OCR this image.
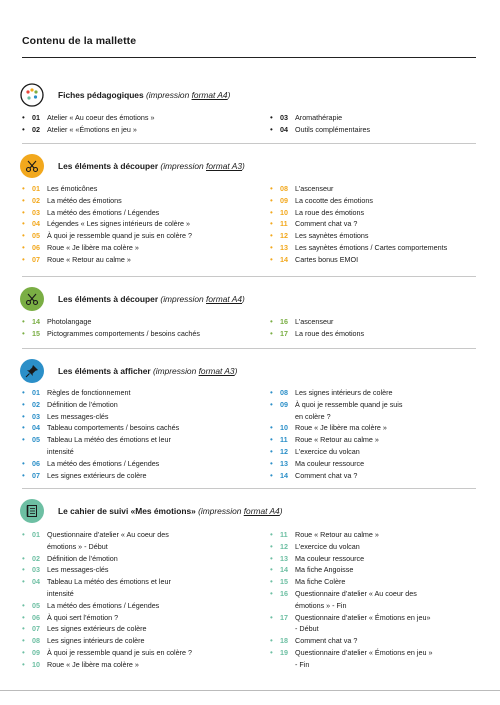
Contenu de la mallette
Fiches pédagogiques (impression format A4)
• 01 Atelier « Au coeur des émotions »
• 02 Atelier « «Émotions en jeu »
• 03 Aromathérapie
• 04 Outils complémentaires
Les éléments à découper (impression format A3)
• 01 Les émoticônes
• 02 La météo des émotions
• 03 La météo des émotions / Légendes
• 04 Légendes « Les signes intérieurs de colère »
• 05 À quoi je ressemble quand je suis en colère ?
• 06 Roue « Je libère ma colère »
• 07 Roue « Retour au calme »
• 08 L’ascenseur
• 09 La cocotte des émotions
• 10 La roue des émotions
• 11	Comment chat va ?
• 12 Les saynètes émotions
• 13 Les saynètes émotions / Cartes comportements
• 14 Cartes bonus EMOI
Les éléments à découper (impression format A4)
• 14 Photolangage
• 15 Pictogrammes comportements / besoins cachés
• 16 L’ascenseur
• 17 La roue des émotions
Les éléments à afficher (impression format A3)
• 01 Règles de fonctionnement
• 02 Définition de l’émotion
• 03 Les messages-clés
• 04 Tableau comportements / besoins cachés
• 05 Tableau La météo des émotions et leur
intensité
• 06 La météo des émotions / Légendes
• 07 Les signes extérieurs de colère
• 08 Les signes intérieurs de colère
• 09 À quoi je ressemble quand je suis
en colère ?
• 10 Roue « Je libère ma colère »
• 11	Roue « Retour au calme »
• 12 L’exercice du volcan
• 13 Ma couleur ressource
• 14 Comment chat va ?
Le cahier de suivi «Mes émotions» (impression format A4)
• 01 Questionnaire d’atelier « Au coeur des
émotions » - Début
• 02 Définition de l’émotion
• 03 Les messages-clés
• 04 Tableau La météo des émotions et leur
intensité
• 05 La météo des émotions / Légendes
• 06 À quoi sert l’émotion ?
• 07 Les signes extérieurs de colère
• 08 Les signes intérieurs de colère
• 09 À quoi je ressemble quand je suis en colère ?
• 10 Roue « Je libère ma colère »
• 11	Roue « Retour au calme »
• 12 L’exercice du volcan
• 13 Ma couleur ressource
• 14 Ma fiche Angoisse
• 15 Ma fiche Colère
• 16 Questionnaire d’atelier « Au coeur des
émotions » - Fin
• 17 Questionnaire d’atelier « Émotions en jeu»
- Début
• 18 Comment chat va ?
• 19 Questionnaire d’atelier « Émotions en jeu »
- Fin
